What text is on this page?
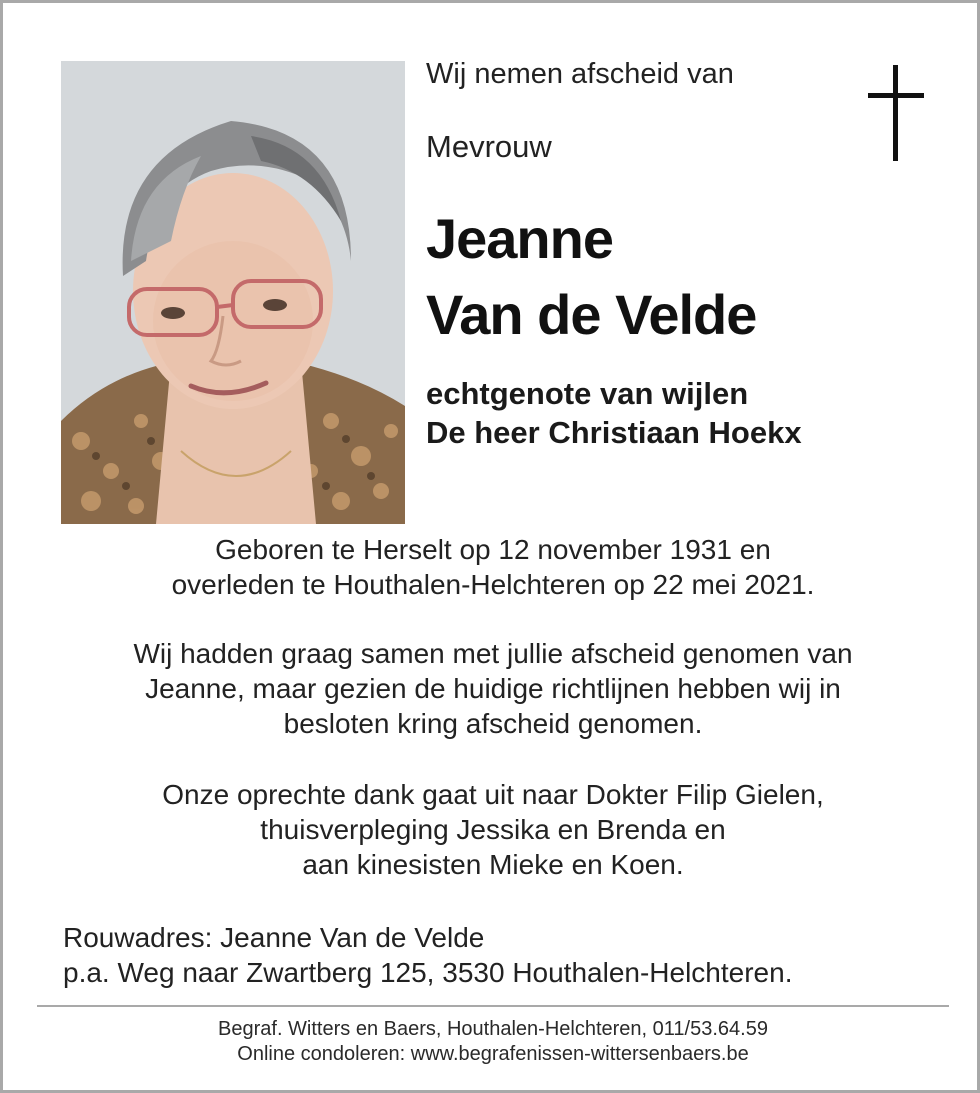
Wij nemen afscheid van
Mevrouw
Jeanne
Van de Velde
echtgenote van wijlen
De heer Christiaan Hoekx
Geboren te Herselt op 12 november 1931 en
overleden te Houthalen-Helchteren op 22 mei 2021.
Wij hadden graag samen met jullie afscheid genomen van
Jeanne, maar gezien de huidige richtlijnen hebben wij in
besloten kring afscheid genomen.
Onze oprechte dank gaat uit naar Dokter Filip Gielen,
thuisverpleging Jessika en Brenda en
aan kinesisten Mieke en Koen.
Rouwadres: Jeanne Van de Velde
p.a. Weg naar Zwartberg 125, 3530 Houthalen-Helchteren.
Begraf. Witters en Baers, Houthalen-Helchteren, 011/53.64.59
Online condoleren: www.begrafenissen-wittersenbaers.be
